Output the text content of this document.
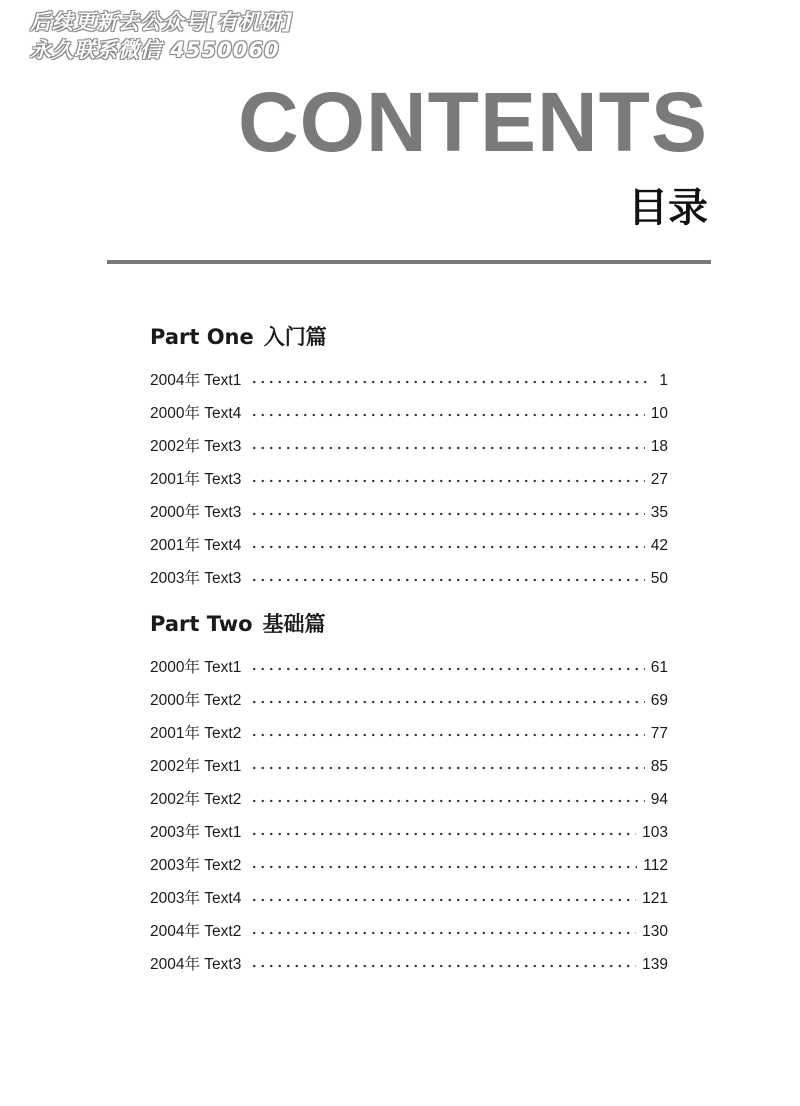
后续更新去公众号[有机研]
永久联系微信 4550060
CONTENTS
目录
Part One 入门篇
2004年 Text1	1
2000年 Text4	10
2002年 Text3	18
2001年 Text3	27
2000年 Text3	35
2001年 Text4	42
2003年 Text3	50
Part Two 基础篇
2000年 Text1	61
2000年 Text2	69
2001年 Text2	77
2002年 Text1	85
2002年 Text2	94
2003年 Text1	103
2003年 Text2	112
2003年 Text4	121
2004年 Text2	130
2004年 Text3	139
